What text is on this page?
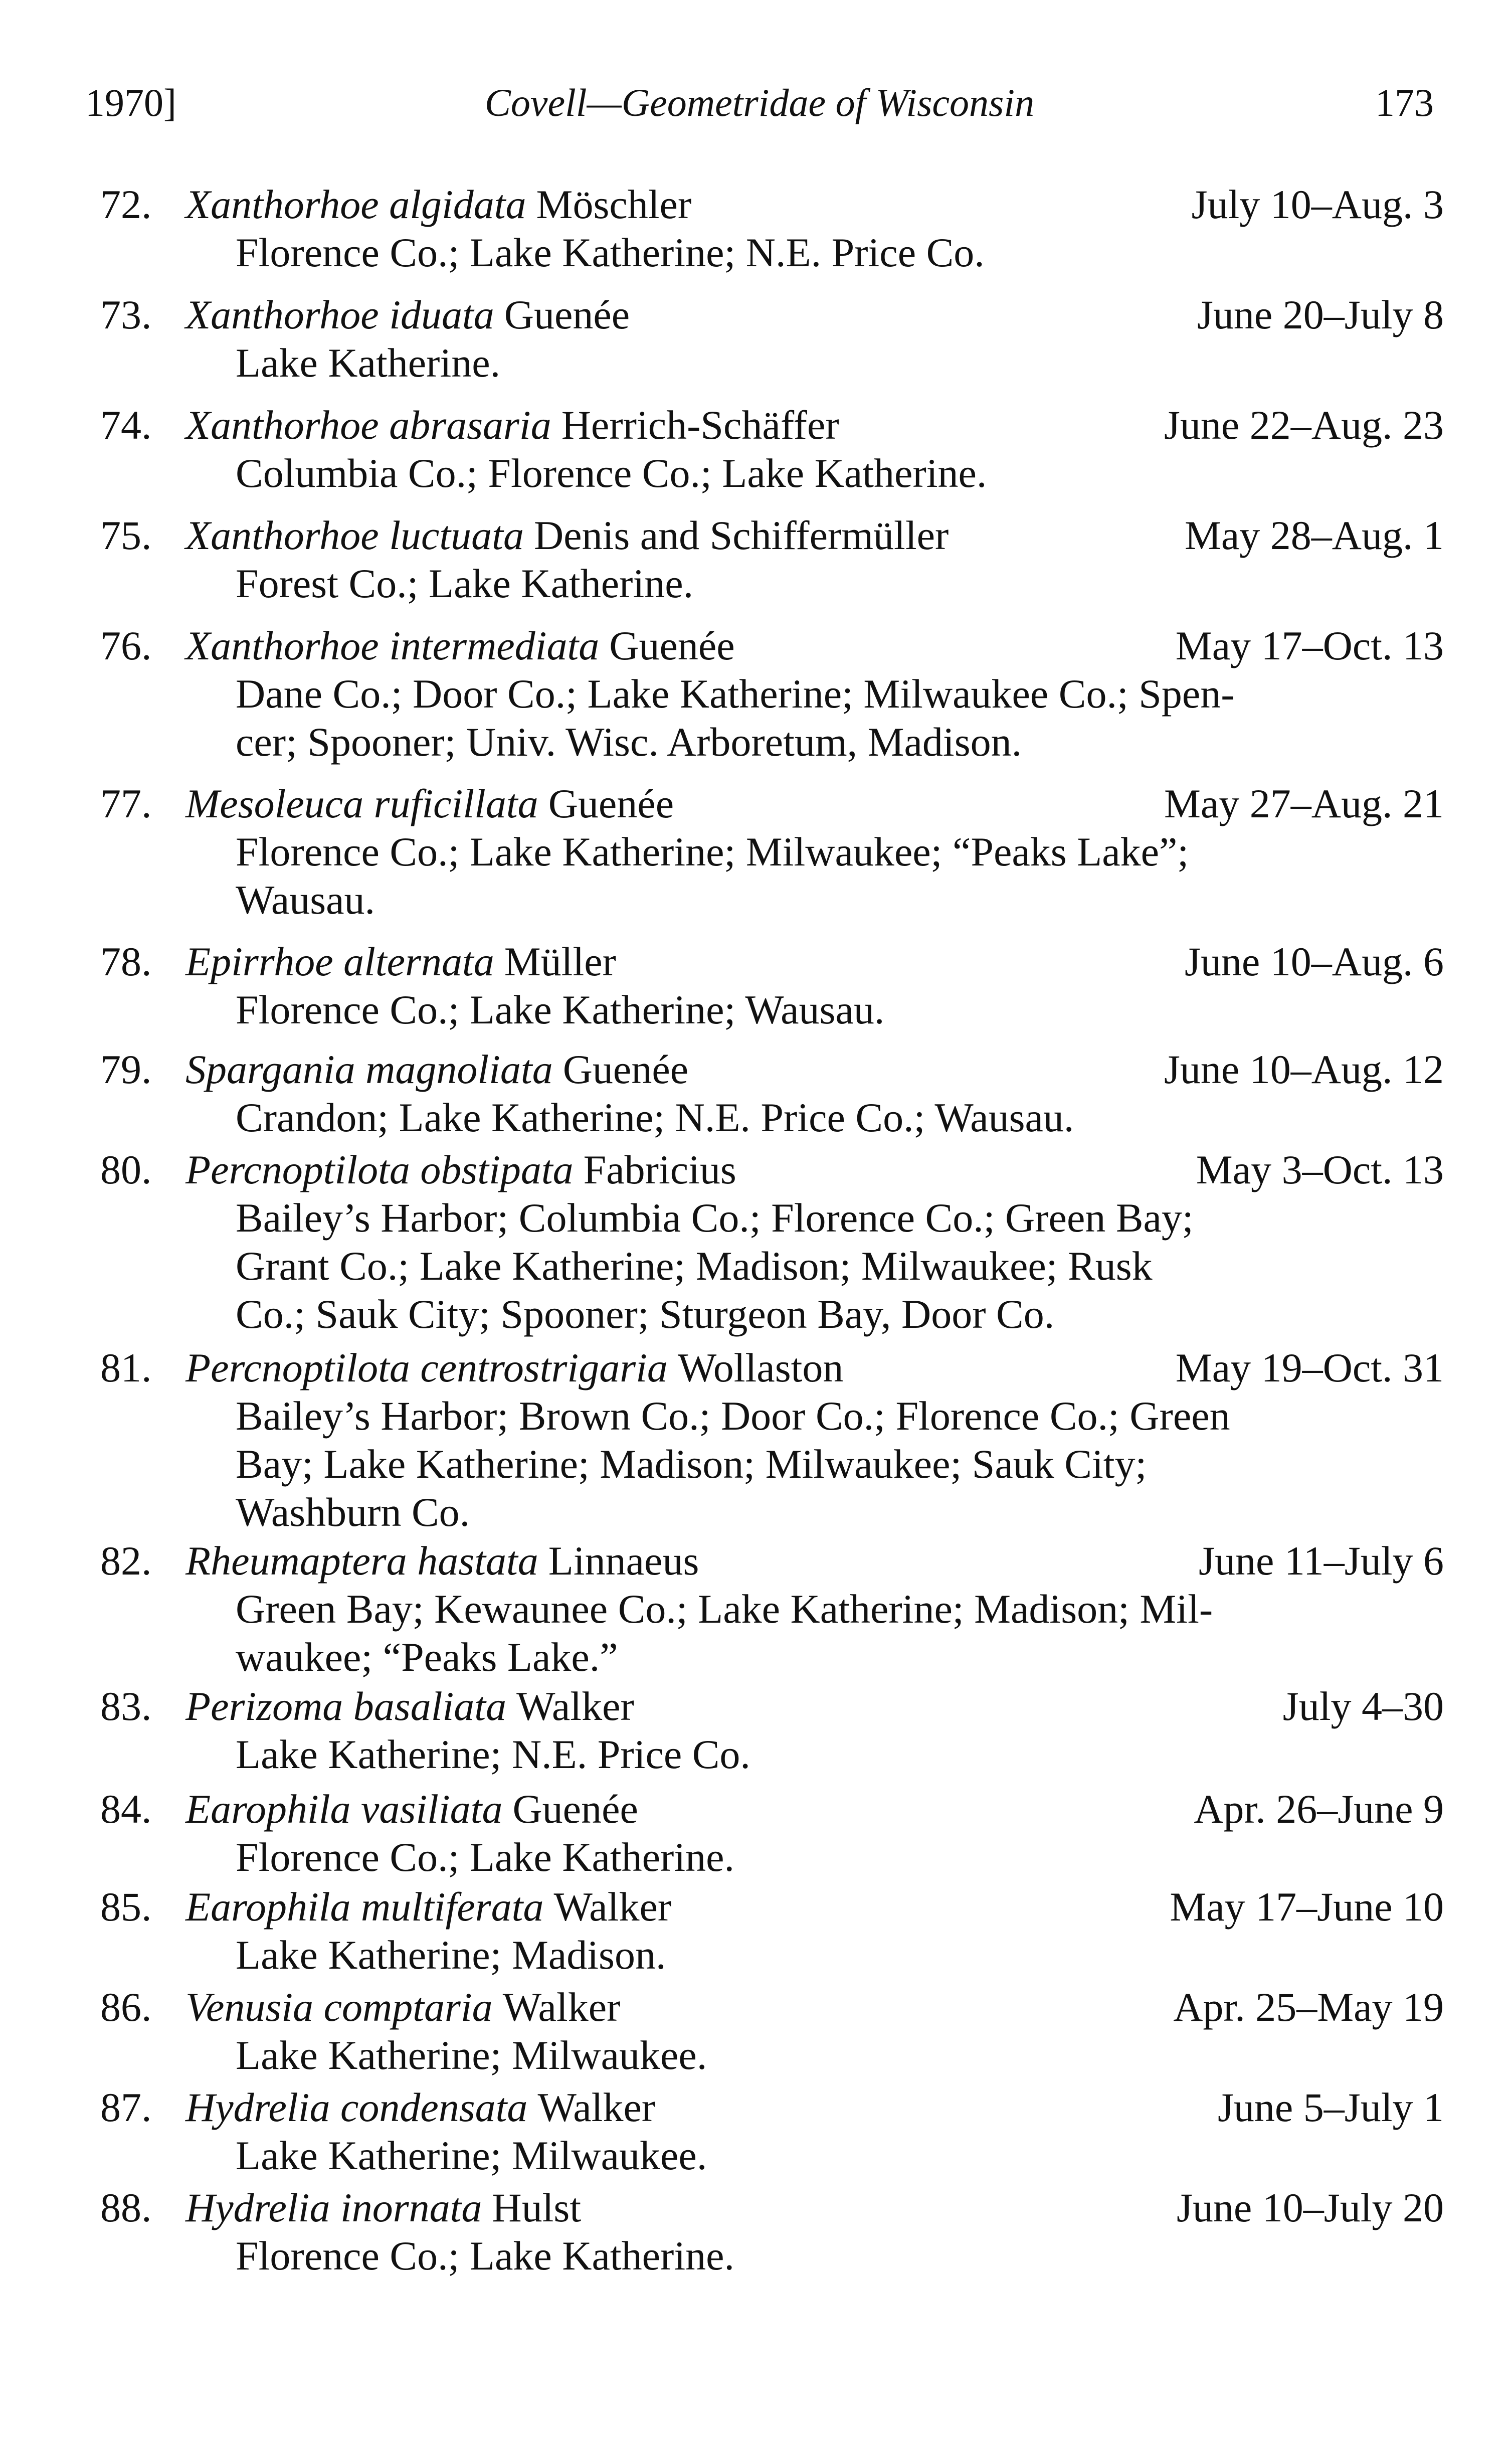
1970]	Covell—Geometridae of Wisconsin	173
72. Xanthorhoe algidata Möschler	July 10–Aug. 3
Florence Co.; Lake Katherine; N.E. Price Co.
73. Xanthorhoe iduata Guenée	June 20–July 8
Lake Katherine.
74. Xanthorhoe abrasaria Herrich-Schäffer	June 22–Aug. 23
Columbia Co.; Florence Co.; Lake Katherine.
75. Xanthorhoe luctuata Denis and Schiffermüller	May 28–Aug. 1
Forest Co.; Lake Katherine.
76. Xanthorhoe intermediata Guenée	May 17–Oct. 13
Dane Co.; Door Co.; Lake Katherine; Milwaukee Co.; Spen-
cer; Spooner; Univ. Wisc. Arboretum, Madison.
77. Mesoleuca ruficillata Guenée	May 27–Aug. 21
Florence Co.; Lake Katherine; Milwaukee; “Peaks Lake”;
Wausau.
78. Epirrhoe alternata Müller	June 10–Aug. 6
Florence Co.; Lake Katherine; Wausau.
79. Spargania magnoliata Guenée	June 10–Aug. 12
Crandon; Lake Katherine; N.E. Price Co.; Wausau.
80. Percnoptilota obstipata Fabricius	May 3–Oct. 13
Bailey’s Harbor; Columbia Co.; Florence Co.; Green Bay;
Grant Co.; Lake Katherine; Madison; Milwaukee; Rusk
Co.; Sauk City; Spooner; Sturgeon Bay, Door Co.
81. Percnoptilota centrostrigaria Wollaston	May 19–Oct. 31
Bailey’s Harbor; Brown Co.; Door Co.; Florence Co.; Green
Bay; Lake Katherine; Madison; Milwaukee; Sauk City;
Washburn Co.
82. Rheumaptera hastata Linnaeus	June 11–July 6
Green Bay; Kewaunee Co.; Lake Katherine; Madison; Mil-
waukee; “Peaks Lake.”
83. Perizoma basaliata Walker	July 4–30
Lake Katherine; N.E. Price Co.
84. Earophila vasiliata Guenée	Apr. 26–June 9
Florence Co.; Lake Katherine.
85. Earophila multiferata Walker	May 17–June 10
Lake Katherine; Madison.
86. Venusia comptaria Walker	Apr. 25–May 19
Lake Katherine; Milwaukee.
87. Hydrelia condensata Walker	June 5–July 1
Lake Katherine; Milwaukee.
88. Hydrelia inornata Hulst	June 10–July 20
Florence Co.; Lake Katherine.
